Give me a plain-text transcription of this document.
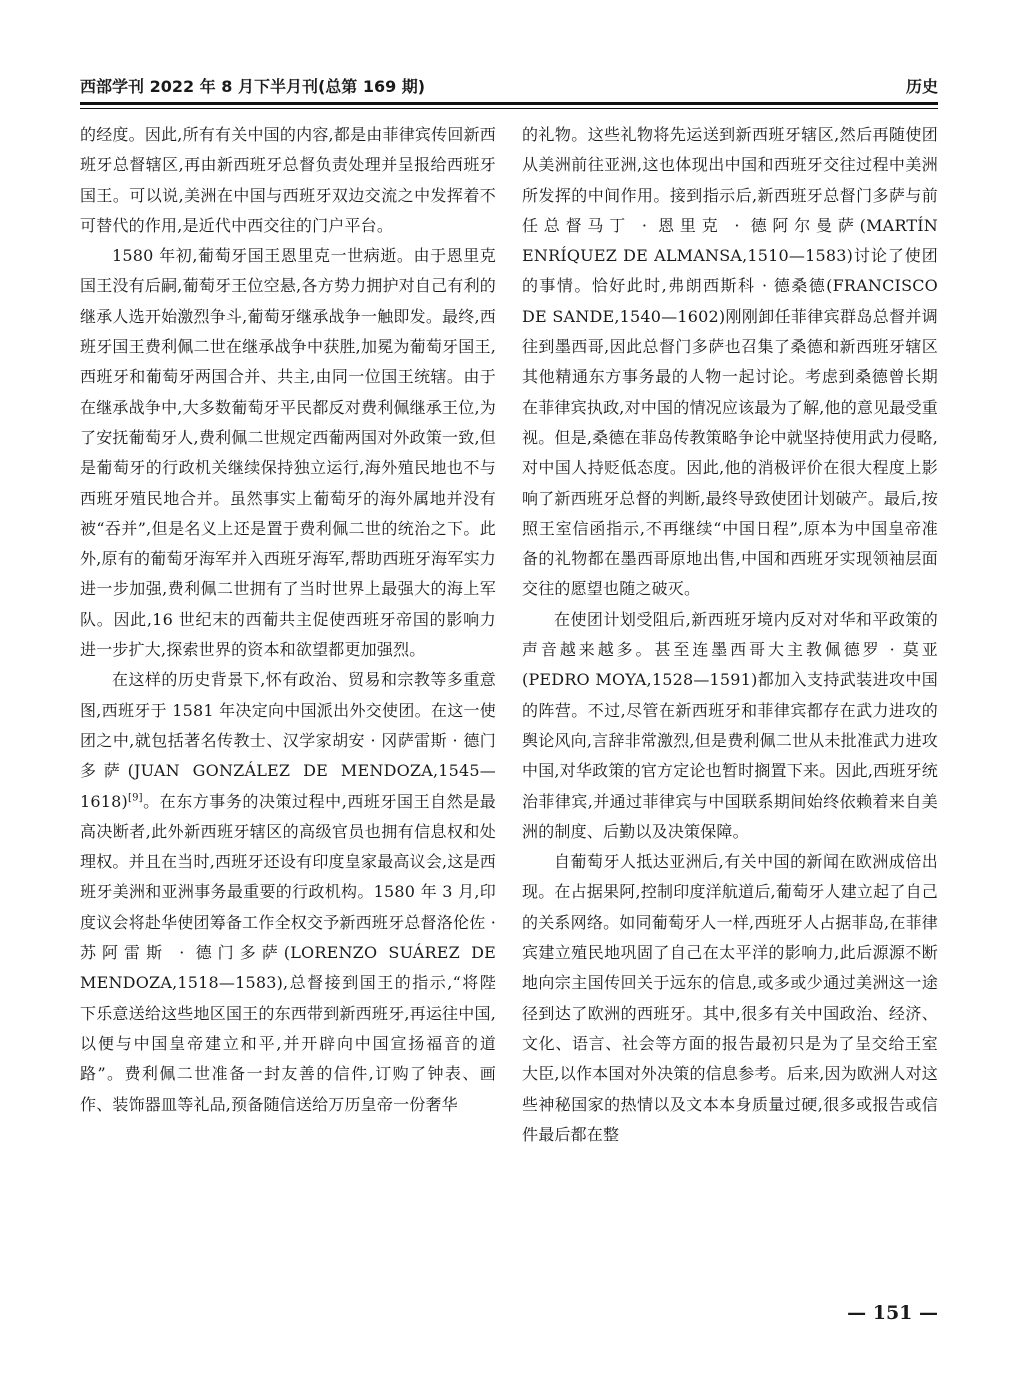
西部学刊 2022 年 8 月下半月刊(总第 169 期)	历史

的经度。因此,所有有关中国的内容,都是由菲律宾传回新西班牙总督辖区,再由新西班牙总督负责处理并呈报给西班牙国王。可以说,美洲在中国与西班牙双边交流之中发挥着不可替代的作用,是近代中西交往的门户平台。

1580 年初,葡萄牙国王恩里克一世病逝。由于恩里克国王没有后嗣,葡萄牙王位空悬,各方势力拥护对自己有利的继承人选开始激烈争斗,葡萄牙继承战争一触即发。最终,西班牙国王费利佩二世在继承战争中获胜,加冕为葡萄牙国王,西班牙和葡萄牙两国合并、共主,由同一位国王统辖。由于在继承战争中,大多数葡萄牙平民都反对费利佩继承王位,为了安抚葡萄牙人,费利佩二世规定西葡两国对外政策一致,但是葡萄牙的行政机关继续保持独立运行,海外殖民地也不与西班牙殖民地合并。虽然事实上葡萄牙的海外属地并没有被“吞并”,但是名义上还是置于费利佩二世的统治之下。此外,原有的葡萄牙海军并入西班牙海军,帮助西班牙海军实力进一步加强,费利佩二世拥有了当时世界上最强大的海上军队。因此,16 世纪末的西葡共主促使西班牙帝国的影响力进一步扩大,探索世界的资本和欲望都更加强烈。

在这样的历史背景下,怀有政治、贸易和宗教等多重意图,西班牙于 1581 年决定向中国派出外交使团。在这一使团之中,就包括著名传教士、汉学家胡安 · 冈萨雷斯 · 德门多萨(JUAN GONZÁLEZ DE MENDOZA,1545—1618)[9]。在东方事务的决策过程中,西班牙国王自然是最高决断者,此外新西班牙辖区的高级官员也拥有信息权和处理权。并且在当时,西班牙还设有印度皇家最高议会,这是西班牙美洲和亚洲事务最重要的行政机构。1580 年 3 月,印度议会将赴华使团筹备工作全权交予新西班牙总督洛伦佐 · 苏阿雷斯 · 德门多萨(LORENZO SUÁREZ DE MENDOZA,1518—1583),总督接到国王的指示,“将陛下乐意送给这些地区国王的东西带到新西班牙,再运往中国,以便与中国皇帝建立和平,并开辟向中国宣扬福音的道路”。费利佩二世准备一封友善的信件,订购了钟表、画作、装饰器皿等礼品,预备随信送给万历皇帝一份奢华

的礼物。这些礼物将先运送到新西班牙辖区,然后再随使团从美洲前往亚洲,这也体现出中国和西班牙交往过程中美洲所发挥的中间作用。接到指示后,新西班牙总督门多萨与前任总督马丁 · 恩里克 · 德阿尔曼萨(MARTÍN ENRÍQUEZ DE ALMANSA,1510—1583)讨论了使团的事情。恰好此时,弗朗西斯科 · 德桑德(FRANCISCO DE SANDE,1540—1602)刚刚卸任菲律宾群岛总督并调往到墨西哥,因此总督门多萨也召集了桑德和新西班牙辖区其他精通东方事务最的人物一起讨论。考虑到桑德曾长期在菲律宾执政,对中国的情况应该最为了解,他的意见最受重视。但是,桑德在菲岛传教策略争论中就坚持使用武力侵略,对中国人持贬低态度。因此,他的消极评价在很大程度上影响了新西班牙总督的判断,最终导致使团计划破产。最后,按照王室信函指示,不再继续“中国日程”,原本为中国皇帝准备的礼物都在墨西哥原地出售,中国和西班牙实现领袖层面交往的愿望也随之破灭。

在使团计划受阻后,新西班牙境内反对对华和平政策的声音越来越多。甚至连墨西哥大主教佩德罗 · 莫亚(PEDRO MOYA,1528—1591)都加入支持武装进攻中国的阵营。不过,尽管在新西班牙和菲律宾都存在武力进攻的舆论风向,言辞非常激烈,但是费利佩二世从未批准武力进攻中国,对华政策的官方定论也暂时搁置下来。因此,西班牙统治菲律宾,并通过菲律宾与中国联系期间始终依赖着来自美洲的制度、后勤以及决策保障。

自葡萄牙人抵达亚洲后,有关中国的新闻在欧洲成倍出现。在占据果阿,控制印度洋航道后,葡萄牙人建立起了自己的关系网络。如同葡萄牙人一样,西班牙人占据菲岛,在菲律宾建立殖民地巩固了自己在太平洋的影响力,此后源源不断地向宗主国传回关于远东的信息,或多或少通过美洲这一途径到达了欧洲的西班牙。其中,很多有关中国政治、经济、文化、语言、社会等方面的报告最初只是为了呈交给王室大臣,以作本国对外决策的信息参考。后来,因为欧洲人对这些神秘国家的热情以及文本本身质量过硬,很多或报告或信件最后都在整

— 151 —
